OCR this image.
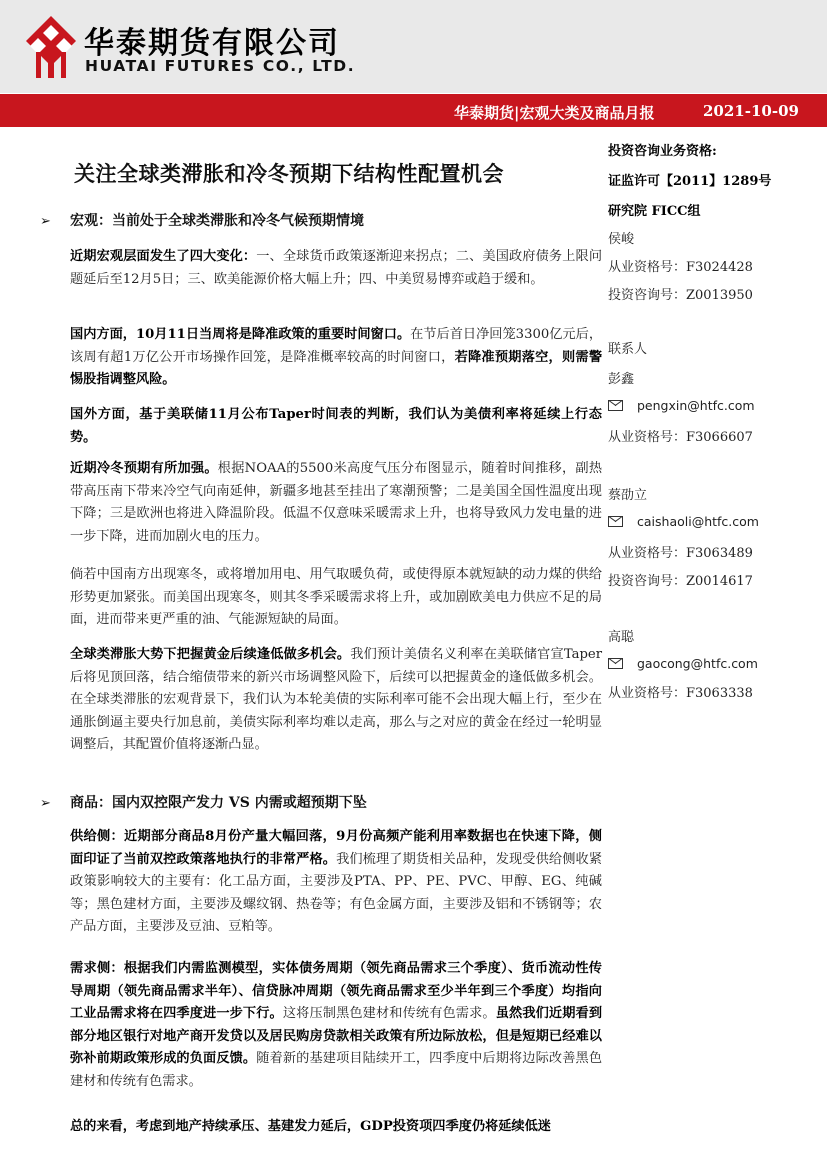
华泰期货有限公司
HUATAI FUTURES CO., LTD.
华泰期货|宏观大类及商品月报	2021-10-09
关注全球类滞胀和冷冬预期下结构性配置机会
➢ 宏观：当前处于全球类滞胀和冷冬气候预期情境
近期宏观层面发生了四大变化：一、全球货币政策逐渐迎来拐点；二、美国政府债务上限问题延后至12月5日；三、欧美能源价格大幅上升；四、中美贸易博弈或趋于缓和。
国内方面，10月11日当周将是降准政策的重要时间窗口。在节后首日净回笼3300亿元后，该周有超1万亿公开市场操作回笼，是降准概率较高的时间窗口，若降准预期落空，则需警惕股指调整风险。
国外方面，基于美联储11月公布Taper时间表的判断，我们认为美债利率将延续上行态势。
近期冷冬预期有所加强。根据NOAA的5500米高度气压分布图显示，随着时间推移，副热带高压南下带来冷空气向南延伸，新疆多地甚至挂出了寒潮预警；二是美国全国性温度出现下降；三是欧洲也将进入降温阶段。低温不仅意味采暖需求上升，也将导致风力发电量的进一步下降，进而加剧火电的压力。
倘若中国南方出现寒冬，或将增加用电、用气取暖负荷，或使得原本就短缺的动力煤的供给形势更加紧张。而美国出现寒冬，则其冬季采暖需求将上升，或加剧欧美电力供应不足的局面，进而带来更严重的油、气能源短缺的局面。
全球类滞胀大势下把握黄金后续逢低做多机会。我们预计美债名义利率在美联储官宣Taper后将见顶回落，结合缩债带来的新兴市场调整风险下，后续可以把握黄金的逢低做多机会。在全球类滞胀的宏观背景下，我们认为本轮美债的实际利率可能不会出现大幅上行，至少在通胀倒逼主要央行加息前，美债实际利率均难以走高，那么与之对应的黄金在经过一轮明显调整后，其配置价值将逐渐凸显。
➢ 商品：国内双控限产发力 VS 内需或超预期下坠
供给侧：近期部分商品8月份产量大幅回落，9月份高频产能利用率数据也在快速下降，侧面印证了当前双控政策落地执行的非常严格。我们梳理了期货相关品种，发现受供给侧收紧政策影响较大的主要有：化工品方面，主要涉及PTA、PP、PE、PVC、甲醇、EG、纯碱等；黑色建材方面，主要涉及螺纹钢、热卷等；有色金属方面，主要涉及铝和不锈钢等；农产品方面，主要涉及豆油、豆粕等。
需求侧：根据我们内需监测模型，实体债务周期（领先商品需求三个季度）、货币流动性传导周期（领先商品需求半年）、信贷脉冲周期（领先商品需求至少半年到三个季度）均指向工业品需求将在四季度进一步下行。这将压制黑色建材和传统有色需求。虽然我们近期看到部分地区银行对地产商开发贷以及居民购房贷款相关政策有所边际放松，但是短期已经难以弥补前期政策形成的负面反馈。随着新的基建项目陆续开工，四季度中后期将边际改善黑色建材和传统有色需求。
总的来看，考虑到地产持续承压、基建发力延后，GDP投资项四季度仍将延续低迷
投资咨询业务资格:
证监许可【2011】1289号
研究院 FICC组
侯峻
从业资格号：F3024428
投资咨询号：Z0013950
联系人
彭鑫
pengxin@htfc.com
从业资格号：F3066607
蔡劭立
caishaoli@htfc.com
从业资格号：F3063489
投资咨询号：Z0014617
高聪
gaocong@htfc.com
从业资格号：F3063338
